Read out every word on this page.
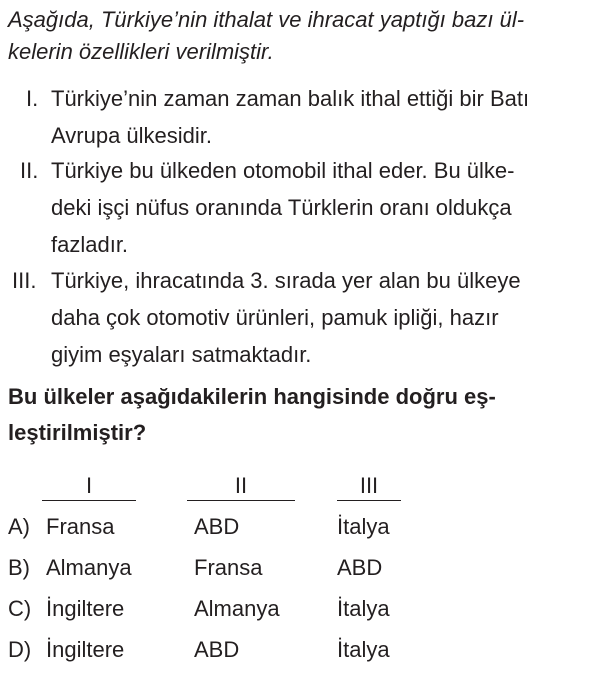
Aşağıda, Türkiye’nin ithalat ve ihracat yaptığı bazı ül-
kelerin özellikleri verilmiştir.
I. Türkiye’nin zaman zaman balık ithal ettiği bir Batı
Avrupa ülkesidir.
II. Türkiye bu ülkeden otomobil ithal eder. Bu ülke-
deki işçi nüfus oranında Türklerin oranı oldukça
fazladır.
III. Türkiye, ihracatında 3. sırada yer alan bu ülkeye
daha çok otomotiv ürünleri, pamuk ipliği, hazır
giyim eşyaları satmaktadır.
Bu ülkeler aşağıdakilerin hangisinde doğru eş-
leştirilmiştir?
I	II	III
A) Fransa	ABD	İtalya
B) Almanya	Fransa	ABD
C) İngiltere	Almanya	İtalya
D) İngiltere	ABD	İtalya
